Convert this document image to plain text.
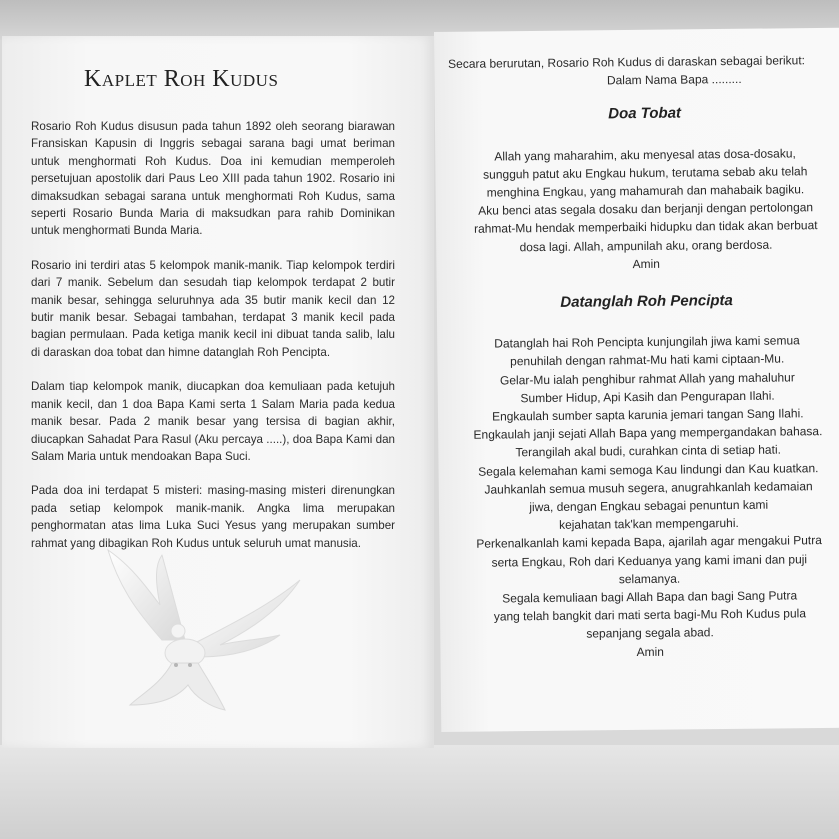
Kaplet Roh Kudus

Rosario Roh Kudus disusun pada tahun 1892 oleh seorang biarawan Fransiskan Kapusin di Inggris sebagai sarana bagi umat beriman untuk menghormati Roh Kudus. Doa ini kemudian memperoleh persetujuan apostolik dari Paus Leo XIII pada tahun 1902. Rosario ini dimaksudkan sebagai sarana untuk menghormati Roh Kudus, sama seperti Rosario Bunda Maria di maksudkan para rahib Dominikan untuk menghormati Bunda Maria.

Rosario ini terdiri atas 5 kelompok manik-manik. Tiap kelompok terdiri dari 7 manik. Sebelum dan sesudah tiap kelompok terdapat 2 butir manik besar, sehingga seluruhnya ada 35 butir manik kecil dan 12 butir manik besar. Sebagai tambahan, terdapat 3 manik kecil pada bagian permulaan. Pada ketiga manik kecil ini dibuat tanda salib, lalu di daraskan doa tobat dan himne datanglah Roh Pencipta.

Dalam tiap kelompok manik, diucapkan doa kemuliaan pada ketujuh manik kecil, dan 1 doa Bapa Kami serta 1 Salam Maria pada kedua manik besar. Pada 2 manik besar yang tersisa di bagian akhir, diucapkan Sahadat Para Rasul (Aku percaya .....), doa Bapa Kami dan Salam Maria untuk mendoakan Bapa Suci.

Pada doa ini terdapat 5 misteri: masing-masing misteri direnungkan pada setiap kelompok manik-manik. Angka lima merupakan penghormatan atas lima Luka Suci Yesus yang merupakan sumber rahmat yang dibagikan Roh Kudus untuk seluruh umat manusia.

Secara berurutan, Rosario Roh Kudus di daraskan sebagai berikut:

Dalam Nama Bapa .........

Doa Tobat
Allah yang maharahim, aku menyesal atas dosa-dosaku,
sungguh patut aku Engkau hukum, terutama sebab aku telah
menghina Engkau, yang mahamurah dan mahabaik bagiku.
Aku benci atas segala dosaku dan berjanji dengan pertolongan
rahmat-Mu hendak memperbaiki hidupku dan tidak akan berbuat
dosa lagi. Allah, ampunilah aku, orang berdosa.
Amin
Datanglah Roh Pencipta
Datanglah hai Roh Pencipta kunjungilah jiwa kami semua
penuhilah dengan rahmat-Mu hati kami ciptaan-Mu.
Gelar-Mu ialah penghibur rahmat Allah yang mahaluhur
Sumber Hidup, Api Kasih dan Pengurapan Ilahi.
Engkaulah sumber sapta karunia jemari tangan Sang Ilahi.
Engkaulah janji sejati Allah Bapa yang mempergandakan bahasa.
Terangilah akal budi, curahkan cinta di setiap hati.
Segala kelemahan kami semoga Kau lindungi dan Kau kuatkan.
Jauhkanlah semua musuh segera, anugrahkanlah kedamaian
jiwa, dengan Engkau sebagai penuntun kami
kejahatan tak'kan mempengaruhi.
Perkenalkanlah kami kepada Bapa, ajarilah agar mengakui Putra
serta Engkau, Roh dari Keduanya yang kami imani dan puji
selamanya.
Segala kemuliaan bagi Allah Bapa dan bagi Sang Putra
yang telah bangkit dari mati serta bagi-Mu Roh Kudus pula
sepanjang segala abad.
Amin
